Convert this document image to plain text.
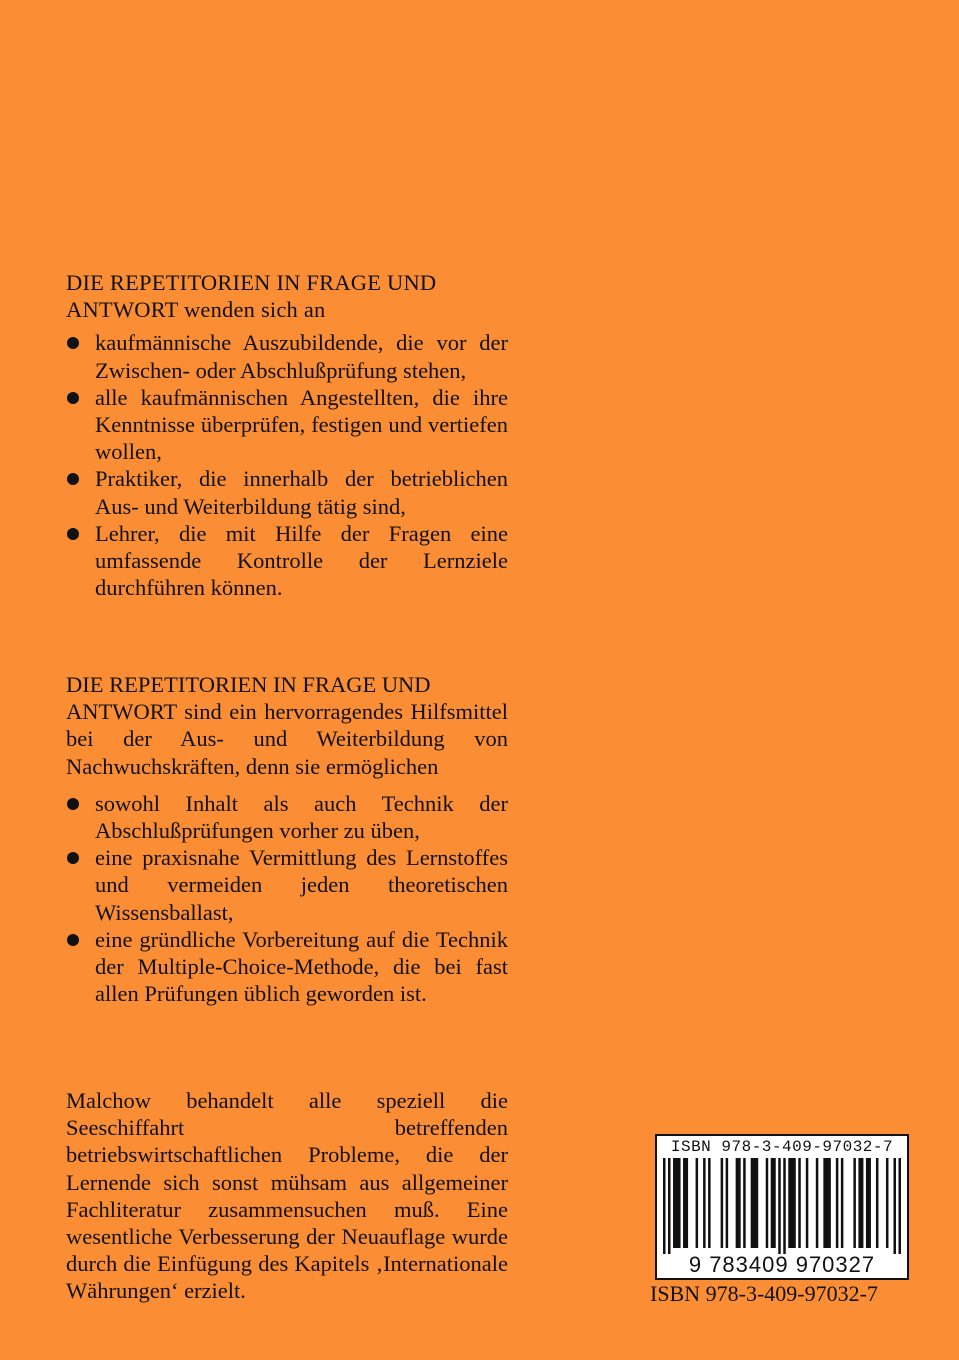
DIE REPETITORIEN IN FRAGE UND
ANTWORT wenden sich an
kaufmännische Auszubildende, die vor der Zwischen- oder Abschlußprüfung stehen,
alle kaufmännischen Angestellten, die ihre Kenntnisse überprüfen, festigen und vertiefen wollen,
Praktiker, die innerhalb der betrieblichen Aus- und Weiterbildung tätig sind,
Lehrer, die mit Hilfe der Fragen eine umfassende Kontrolle der Lernziele durchführen können.
DIE REPETITORIEN IN FRAGE UND
ANTWORT sind ein hervorragendes Hilfsmittel bei der Aus- und Weiterbildung von Nachwuchskräften, denn sie ermöglichen
sowohl Inhalt als auch Technik der Abschlußprüfungen vorher zu üben,
eine praxisnahe Vermittlung des Lernstoffes und vermeiden jeden theoretischen Wissensballast,
eine gründliche Vorbereitung auf die Technik der Multiple-Choice-Methode, die bei fast allen Prüfungen üblich geworden ist.
Malchow behandelt alle speziell die Seeschiffahrt betreffenden betriebswirtschaftlichen Probleme, die der Lernende sich sonst mühsam aus allgemeiner Fachliteratur zusammensuchen muß. Eine wesentliche Verbesserung der Neuauflage wurde durch die Einfügung des Kapitels ‚Internationale Währungen‘ erzielt.
ISBN 978-3-409-97032-7
9 783409 970327
ISBN 978-3-409-97032-7
